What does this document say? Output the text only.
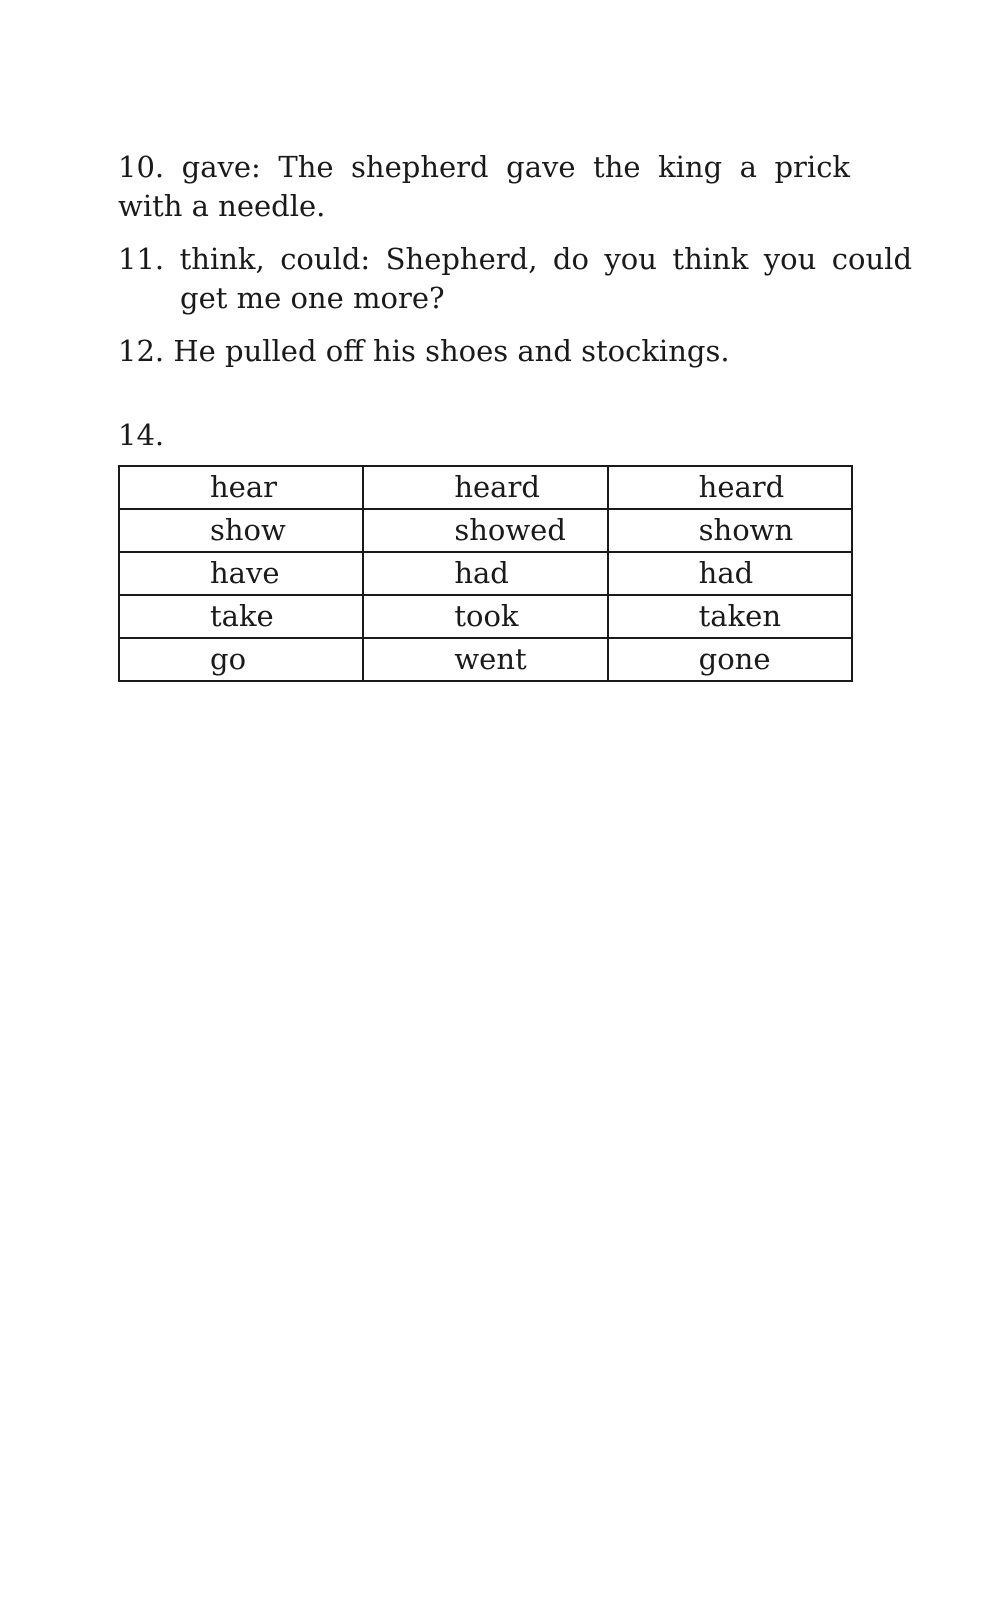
10. gave: The shepherd gave the king a prick with a needle.
11. think, could: Shepherd, do you think you could get me one more?
12. He pulled off his shoes and stockings.
14.
hear	heard	heard
show	showed	shown
have	had	had
take	took	taken
go	went	gone
